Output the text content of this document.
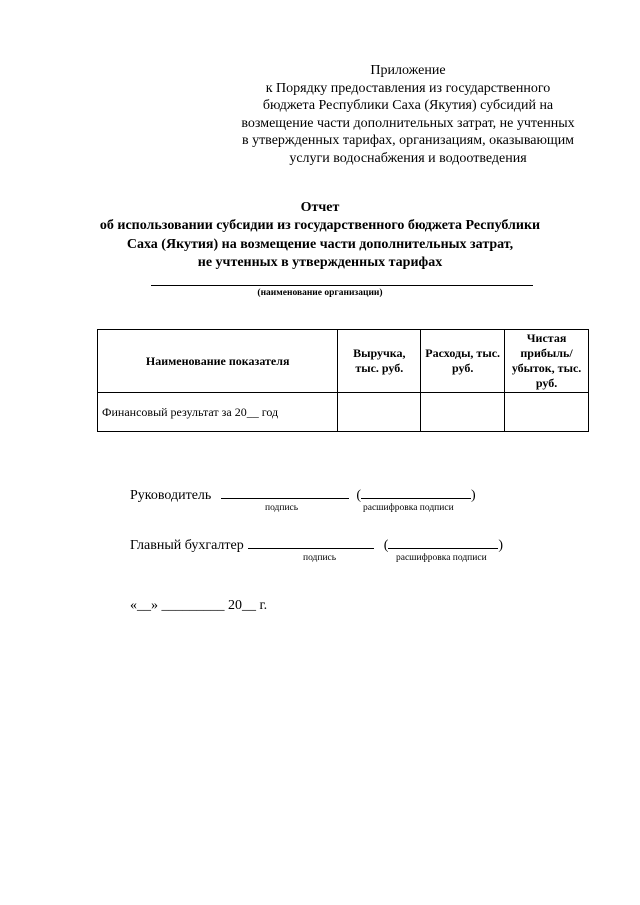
Приложение
к Порядку предоставления из государственного
бюджета Республики Саха (Якутия) субсидий на
возмещение части дополнительных затрат, не учтенных
в утвержденных тарифах, организациям, оказывающим
услуги водоснабжения и водоотведения
Отчет
об использовании субсидии из государственного бюджета Республики
Саха (Якутия) на возмещение части дополнительных затрат,
не учтенных в утвержденных тарифах
(наименование организации)
Наименование показателя	Выручка, тыс. руб.	Расходы, тыс. руб.	Чистая прибыль/ убыток, тыс. руб.
Финансовый результат за 20__ год			
Руководитель	(	)
подпись	расшифровка подписи
Главный бухгалтер	(	)
подпись	расшифровка подписи
«__» _________ 20__ г.
